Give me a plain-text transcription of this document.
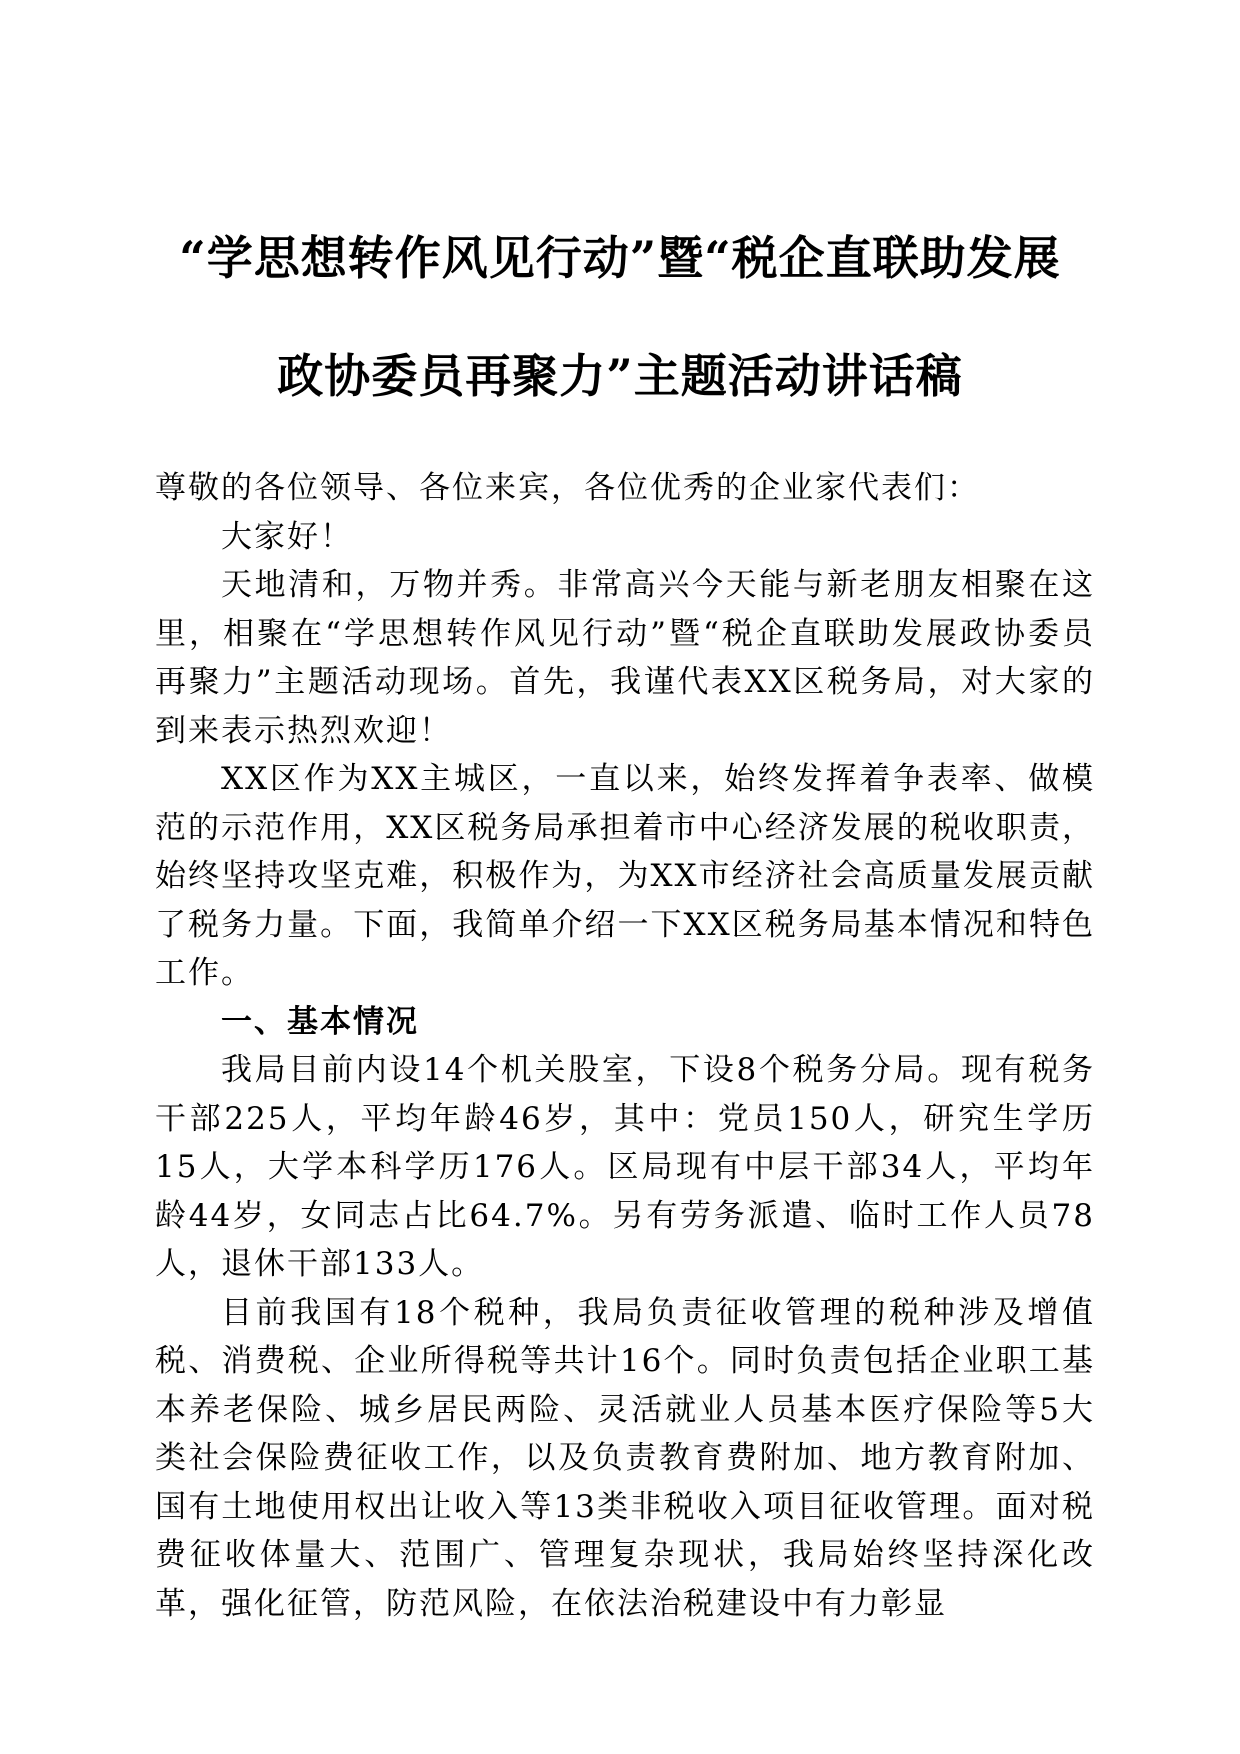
“学思想转作风见行动”暨“税企直联助发展
政协委员再聚力”主题活动讲话稿

尊敬的各位领导、各位来宾，各位优秀的企业家代表们：

大家好！

天地清和，万物并秀。非常高兴今天能与新老朋友相聚在这里，相聚在“学思想转作风见行动”暨“税企直联助发展政协委员再聚力”主题活动现场。首先，我谨代表XX区税务局，对大家的到来表示热烈欢迎！

XX区作为XX主城区，一直以来，始终发挥着争表率、做模范的示范作用，XX区税务局承担着市中心经济发展的税收职责，始终坚持攻坚克难，积极作为，为XX市经济社会高质量发展贡献了税务力量。下面，我简单介绍一下XX区税务局基本情况和特色工作。

一、基本情况

我局目前内设14个机关股室，下设8个税务分局。现有税务干部225人，平均年龄46岁，其中：党员150人，研究生学历15人，大学本科学历176人。区局现有中层干部34人，平均年龄44岁，女同志占比64.7%。另有劳务派遣、临时工作人员78人，退休干部133人。

目前我国有18个税种，我局负责征收管理的税种涉及增值税、消费税、企业所得税等共计16个。同时负责包括企业职工基本养老保险、城乡居民两险、灵活就业人员基本医疗保险等5大类社会保险费征收工作，以及负责教育费附加、地方教育附加、国有土地使用权出让收入等13类非税收入项目征收管理。面对税费征收体量大、范围广、管理复杂现状，我局始终坚持深化改革，强化征管，防范风险，在依法治税建设中有力彰显
